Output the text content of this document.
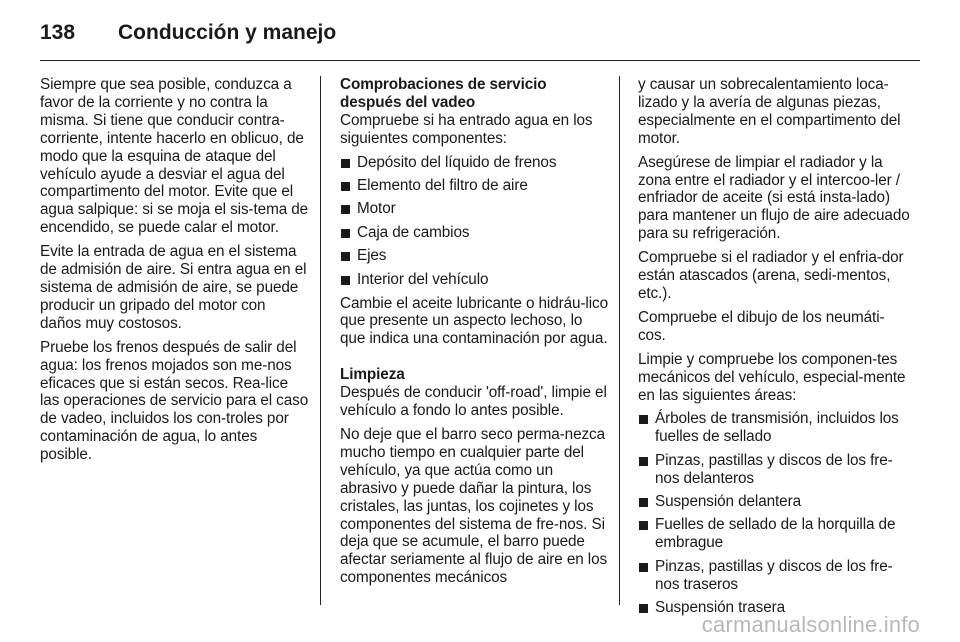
138	Conducción y manejo

Siempre que sea posible, conduzca a favor de la corriente y no contra la misma. Si tiene que conducir contra-corriente, intente hacerlo en oblicuo, de modo que la esquina de ataque del vehículo ayude a desviar el agua del compartimento del motor. Evite que el agua salpique: si se moja el sis-tema de encendido, se puede calar el motor.

Evite la entrada de agua en el sistema de admisión de aire. Si entra agua en el sistema de admisión de aire, se puede producir un gripado del motor con daños muy costosos.

Pruebe los frenos después de salir del agua: los frenos mojados son me-nos eficaces que si están secos. Rea-lice las operaciones de servicio para el caso de vadeo, incluidos los con-troles por contaminación de agua, lo antes posible.

Comprobaciones de servicio después del vadeo

Compruebe si ha entrado agua en los siguientes componentes:

Depósito del líquido de frenos
Elemento del filtro de aire
Motor
Caja de cambios
Ejes
Interior del vehículo

Cambie el aceite lubricante o hidráu-lico que presente un aspecto lechoso, lo que indica una contaminación por agua.

Limpieza

Después de conducir 'off-road', limpie el vehículo a fondo lo antes posible.

No deje que el barro seco perma-nezca mucho tiempo en cualquier parte del vehículo, ya que actúa como un abrasivo y puede dañar la pintura, los cristales, las juntas, los cojinetes y los componentes del sistema de fre-nos. Si deja que se acumule, el barro puede afectar seriamente al flujo de aire en los componentes mecánicos

y causar un sobrecalentamiento loca-lizado y la avería de algunas piezas, especialmente en el compartimento del motor.

Asegúrese de limpiar el radiador y la zona entre el radiador y el intercoo-ler / enfriador de aceite (si está insta-lado) para mantener un flujo de aire adecuado para su refrigeración.

Compruebe si el radiador y el enfria-dor están atascados (arena, sedi-mentos, etc.).

Compruebe el dibujo de los neumáti-cos.

Limpie y compruebe los componen-tes mecánicos del vehículo, especial-mente en las siguientes áreas:

Árboles de transmisión, incluidos los fuelles de sellado
Pinzas, pastillas y discos de los fre-nos delanteros
Suspensión delantera
Fuelles de sellado de la horquilla de embrague
Pinzas, pastillas y discos de los fre-nos traseros
Suspensión trasera
carmanualsonline.info
